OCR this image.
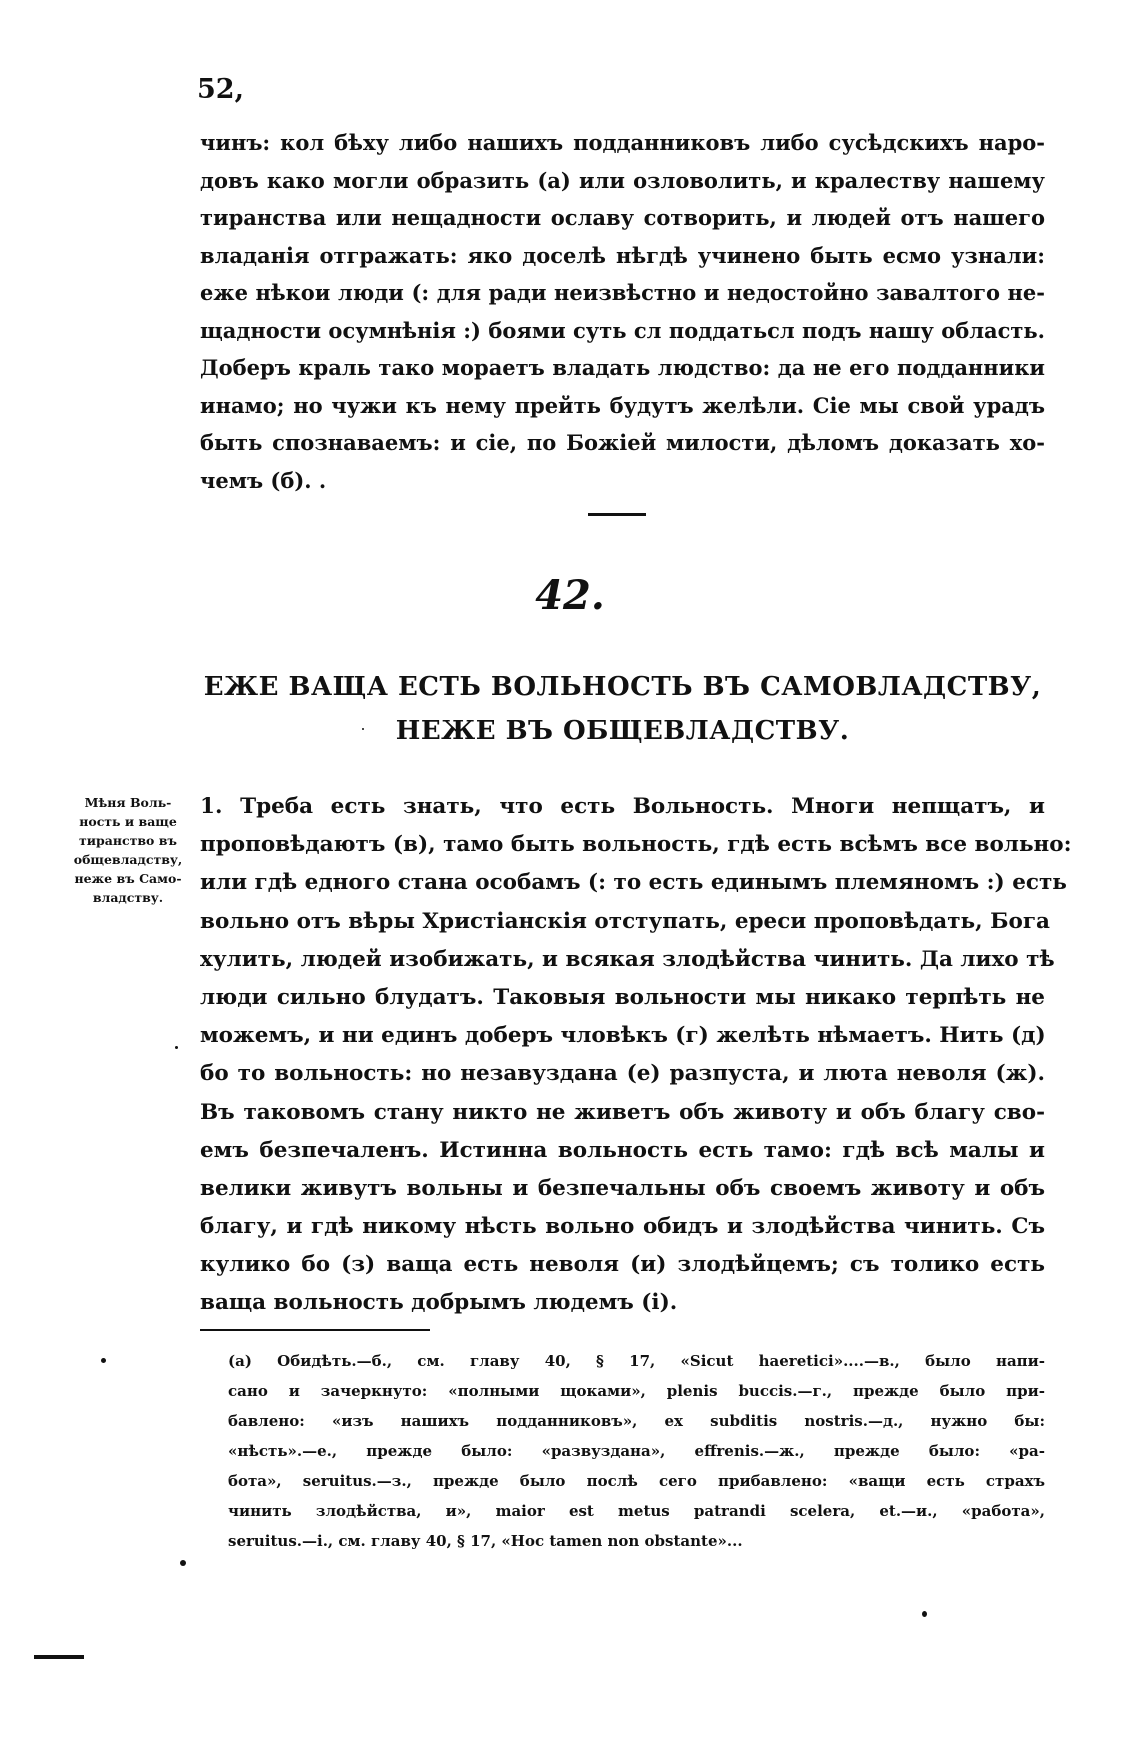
52,
чинъ: кол бѣху либо нашихъ подданниковъ либо суcѣдскихъ наро-
довъ како могли образить (а) или озловолить, и кралеству нашему
тиранства или нещадности ославу сотворить, и людей отъ нашего
владанiя отгражать: яко доселѣ нѣгдѣ учинено быть есмо узнали:
еже нѣкои люди (: для ради неизвѣстно и недостойно завалтого не-
щадности осумнѣнiя :) боями суть сл поддатьсл подъ нашу область.
Доберъ краль тако мораетъ владать людство: да не его подданники
инамо; но чужи къ нему прейть будутъ желѣли. Сiе мы свой урадъ
быть спознаваемъ: и сiе, по Божiей милости, дѣломъ доказать хо-
чемъ (б). .
42.
ЕЖЕ ВАЩА ЕСТЬ ВОЛЬНОСТЬ ВЪ САМОВЛАДСТВУ,
НЕЖЕ ВЪ ОБЩЕВЛАДСТВУ.
Мѣня Воль-
ность и ваще
тиранство въ
общевладству,
неже въ Само-
владству.
1. Треба есть знать, что есть Вольность. Многи непщатъ, и
проповѣдаютъ (в), тамо быть вольность, гдѣ есть всѣмъ все вольно:
или гдѣ едного стана особамъ (: то есть единымъ племяномъ :) есть
вольно отъ вѣры Христiанскiя отступать, ереси проповѣдать, Бога
хулить, людей изобижать, и всякая злодѣйства чинить. Да лихо тѣ
люди сильно блудатъ. Таковыя вольности мы никако терпѣть не
можемъ, и ни единъ доберъ чловѣкъ (г) желѣть нѣмаетъ. Нить (д)
бо то вольность: но незавуздана (е) разпуста, и люта неволя (ж).
Въ таковомъ стану никто не живетъ объ животу и объ благу сво-
емъ безпечаленъ. Истинна вольность есть тамо: гдѣ всѣ малы и
велики живутъ вольны и безпечальны объ своемъ животу и объ
благу, и гдѣ никому нѣсть вольно обидъ и злодѣйства чинить. Съ
кулико бо (з) ваща есть неволя (и) злодѣйцемъ; съ толико есть
ваща вольность добрымъ людемъ (i).
(а) Обидѣть.—б., см. главу 40, § 17, «Sicut haeretici»....—в., было напи-
сано и зачеркнуто: «полными щоками», plenis buccis.—г., прежде было при-
бавлено: «изъ нашихъ подданниковъ», ex subditis nostris.—д., нужно бы:
«нѣсть».—е., прежде было: «развуздана», effrenis.—ж., прежде было: «ра-
бота», seruitus.—з., прежде было послѣ сего прибавлено: «ващи есть страхъ
чинить злодѣйства, и», maior est metus patrandi scelera, et.—и., «работа»,
seruitus.—i., см. главу 40, § 17, «Hoc tamen non obstante»...
